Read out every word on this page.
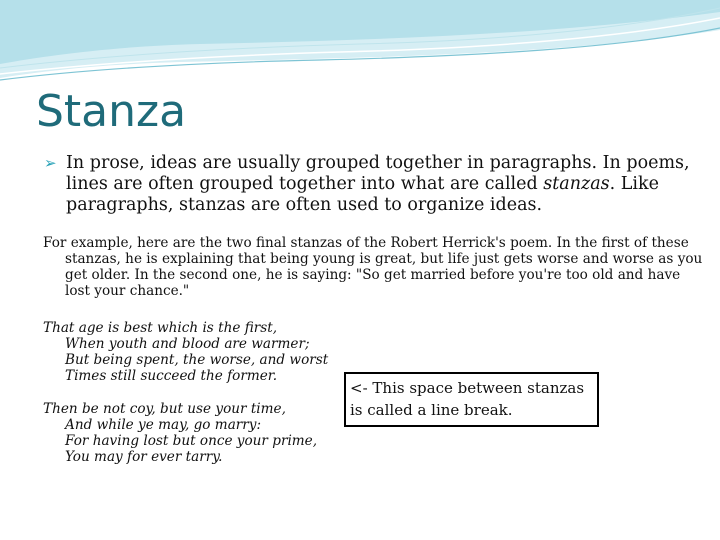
Stanza
➢ In prose, ideas are usually grouped together in paragraphs. In poems, lines are often grouped together into what are called stanzas. Like paragraphs, stanzas are often used to organize ideas.
For example, here are the two final stanzas of the Robert Herrick's poem. In the first of these stanzas, he is explaining that being young is great, but life just gets worse and worse as you get older. In the second one, he is saying: "So get married before you're too old and have lost your chance."
That age is best which is the first,
When youth and blood are warmer;
But being spent, the worse, and worst
Times still succeed the former.
Then be not coy, but use your time,
And while ye may, go marry:
For having lost but once your prime,
You may for ever tarry.
<- This space between stanzas is called a line break.
